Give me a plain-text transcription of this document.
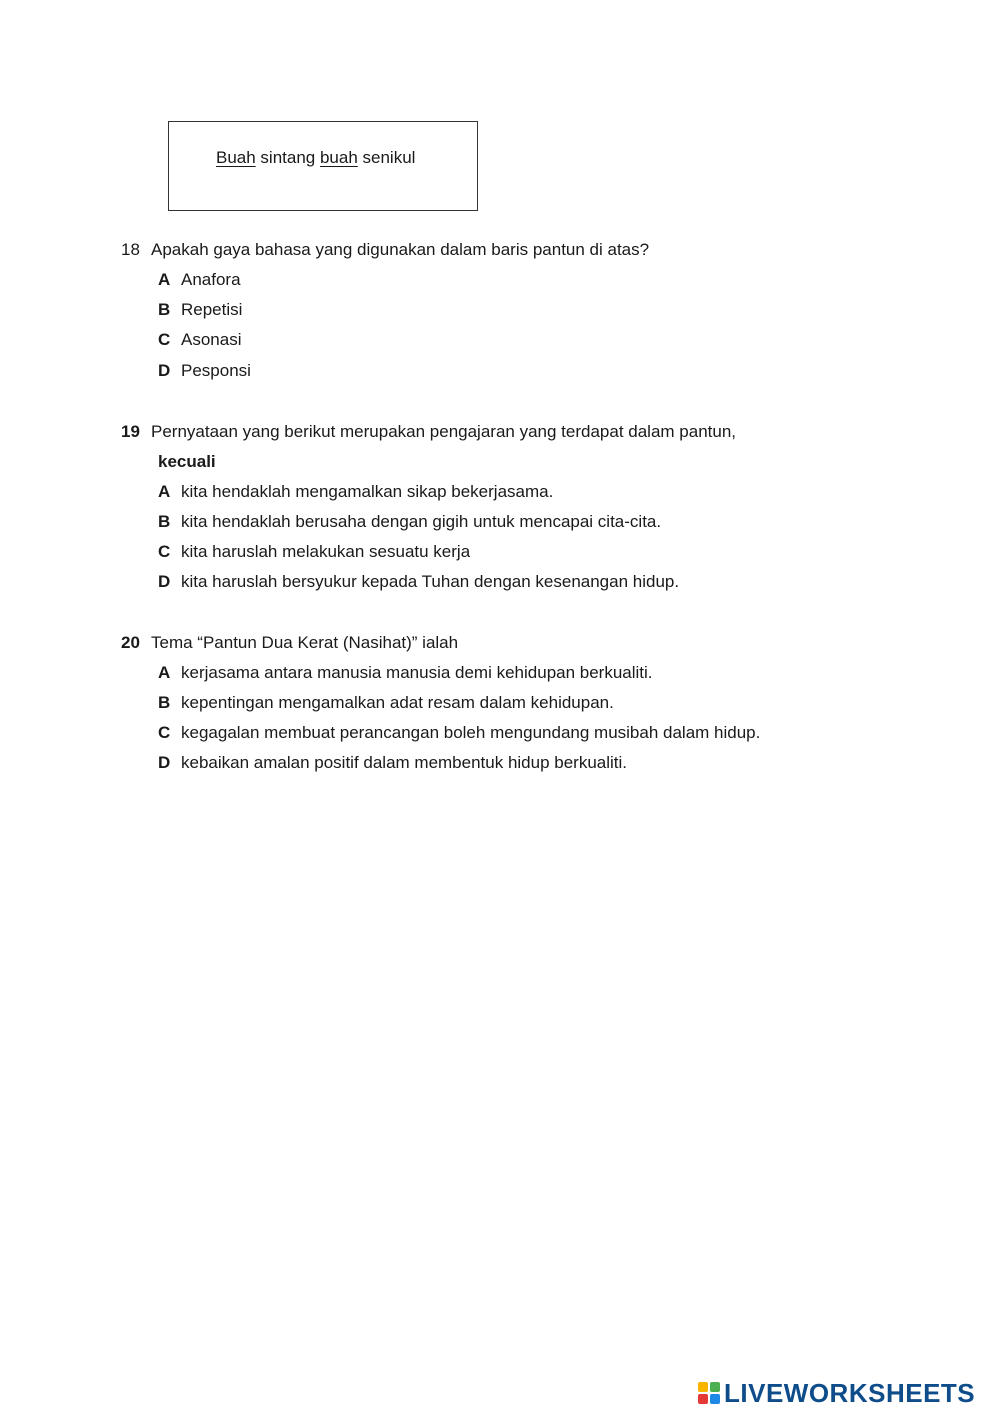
Buah sintang buah senikul
18 Apakah gaya bahasa yang digunakan dalam baris pantun di atas?
A Anafora
B Repetisi
C Asonasi
D Pesponsi
19 Pernyataan yang berikut merupakan pengajaran yang terdapat dalam pantun,
kecuali
A kita hendaklah mengamalkan sikap bekerjasama.
B kita hendaklah berusaha dengan gigih untuk mencapai cita-cita.
C kita haruslah melakukan sesuatu kerja
D kita haruslah bersyukur kepada Tuhan dengan kesenangan hidup.
20 Tema “Pantun Dua Kerat (Nasihat)” ialah
A kerjasama antara manusia manusia demi kehidupan berkualiti.
B kepentingan mengamalkan adat resam dalam kehidupan.
C kegagalan membuat perancangan boleh mengundang musibah dalam hidup.
D kebaikan amalan positif dalam membentuk hidup berkualiti.
LIVEWORKSHEETS
